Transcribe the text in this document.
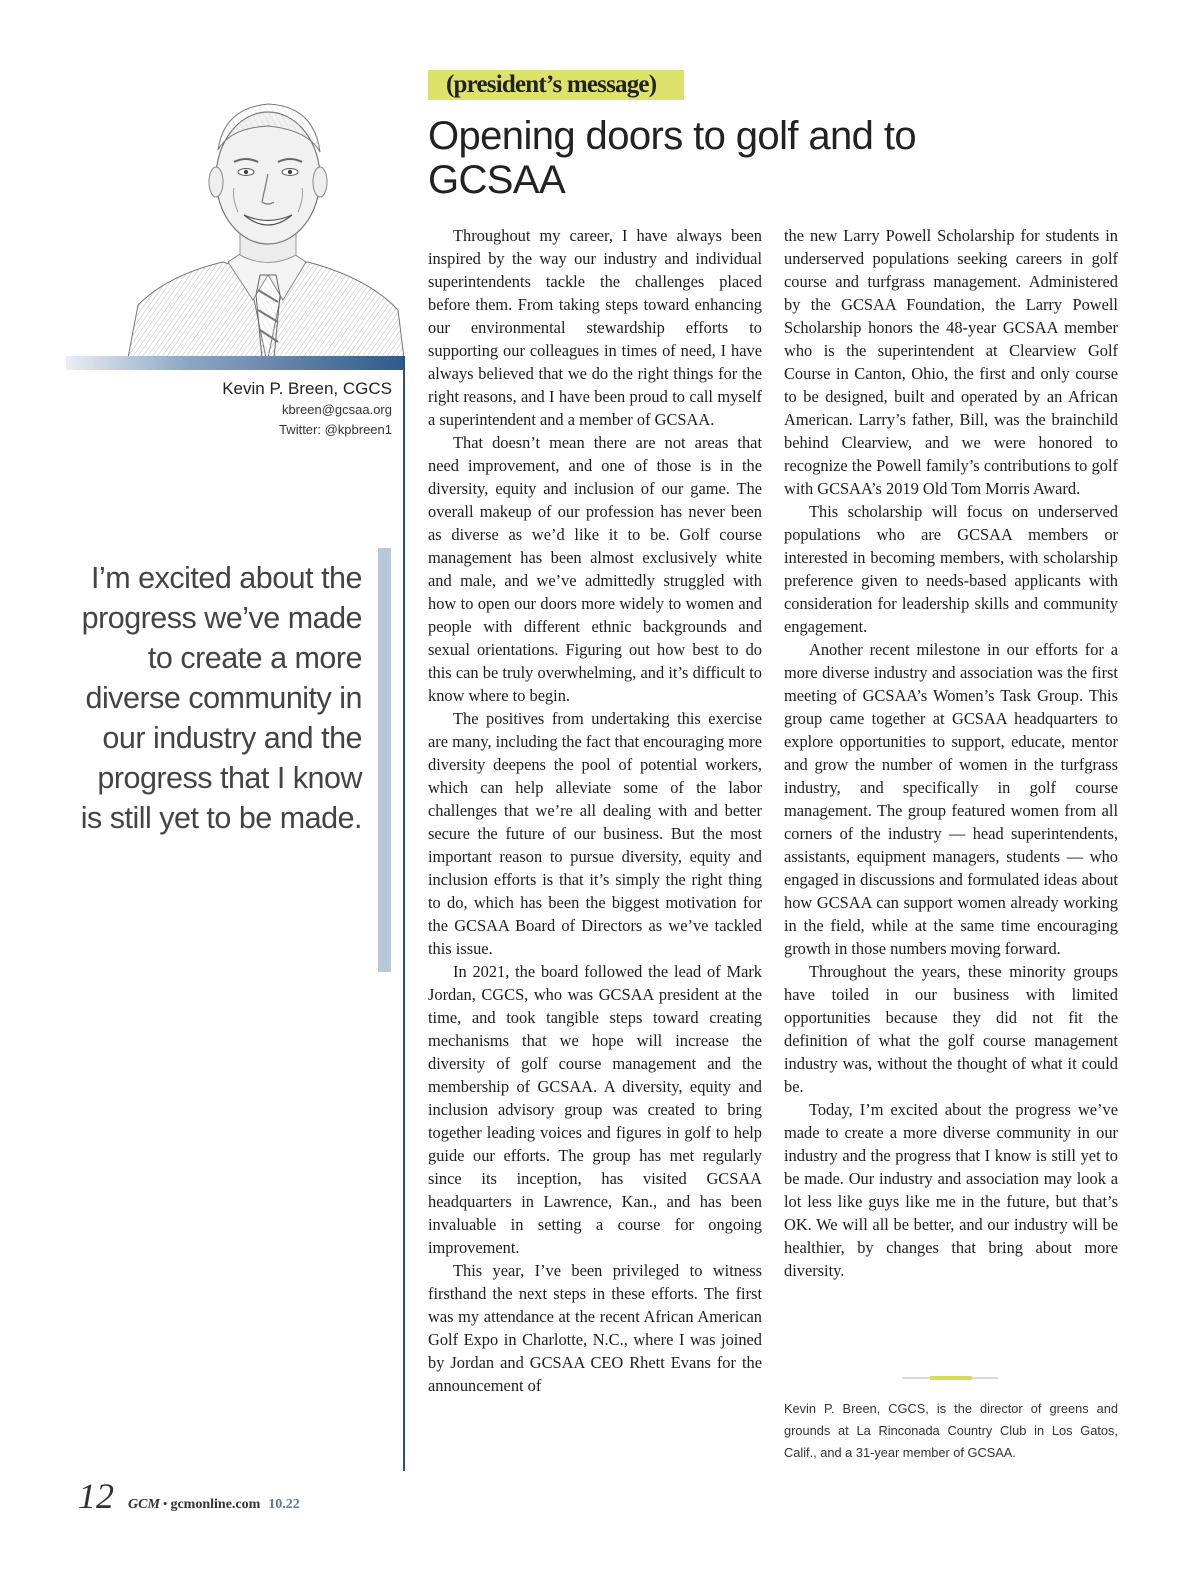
Kevin P. Breen, CGCS
kbreen@gcsaa.org
Twitter: @kpbreen1
I’m excited about the progress we’ve made to create a more diverse community in our industry and the progress that I know is still yet to be made.
(president’s message)
Opening doors to golf and to GCSAA

Throughout my career, I have always been inspired by the way our industry and individual superintendents tackle the challenges placed before them. From taking steps toward enhancing our environmental stewardship efforts to supporting our colleagues in times of need, I have always believed that we do the right things for the right reasons, and I have been proud to call myself a superintendent and a member of GCSAA.

That doesn’t mean there are not areas that need improvement, and one of those is in the diversity, equity and inclusion of our game. The overall makeup of our profession has never been as diverse as we’d like it to be. Golf course management has been almost exclusively white and male, and we’ve admittedly struggled with how to open our doors more widely to women and people with different ethnic backgrounds and sexual orientations. Figuring out how best to do this can be truly overwhelming, and it’s difficult to know where to begin.

The positives from undertaking this exercise are many, including the fact that encouraging more diversity deepens the pool of potential workers, which can help alleviate some of the labor challenges that we’re all dealing with and better secure the future of our business. But the most important reason to pursue diversity, equity and inclusion efforts is that it’s simply the right thing to do, which has been the biggest motivation for the GCSAA Board of Directors as we’ve tackled this issue.

In 2021, the board followed the lead of Mark Jordan, CGCS, who was GCSAA president at the time, and took tangible steps toward creating mechanisms that we hope will increase the diversity of golf course management and the membership of GCSAA. A diversity, equity and inclusion advisory group was created to bring together leading voices and figures in golf to help guide our efforts. The group has met regularly since its inception, has visited GCSAA headquarters in Lawrence, Kan., and has been invaluable in setting a course for ongoing improvement.

This year, I’ve been privileged to witness firsthand the next steps in these efforts. The first was my attendance at the recent African American Golf Expo in Charlotte, N.C., where I was joined by Jordan and GCSAA CEO Rhett Evans for the announcement of

the new Larry Powell Scholarship for students in underserved populations seeking careers in golf course and turfgrass management. Administered by the GCSAA Foundation, the Larry Powell Scholarship honors the 48-year GCSAA member who is the superintendent at Clearview Golf Course in Canton, Ohio, the first and only course to be designed, built and operated by an African American. Larry’s father, Bill, was the brainchild behind Clearview, and we were honored to recognize the Powell family’s contributions to golf with GCSAA’s 2019 Old Tom Morris Award.

This scholarship will focus on underserved populations who are GCSAA members or interested in becoming members, with scholarship preference given to needs-based applicants with consideration for leadership skills and community engagement.

Another recent milestone in our efforts for a more diverse industry and association was the first meeting of GCSAA’s Women’s Task Group. This group came together at GCSAA headquarters to explore opportunities to support, educate, mentor and grow the number of women in the turfgrass industry, and specifically in golf course management. The group featured women from all corners of the industry — head superintendents, assistants, equipment managers, students — who engaged in discussions and formulated ideas about how GCSAA can support women already working in the field, while at the same time encouraging growth in those numbers moving forward.

Throughout the years, these minority groups have toiled in our business with limited opportunities because they did not fit the definition of what the golf course management industry was, without the thought of what it could be.

Today, I’m excited about the progress we’ve made to create a more diverse community in our industry and the progress that I know is still yet to be made. Our industry and association may look a lot less like guys like me in the future, but that’s OK. We will all be better, and our industry will be healthier, by changes that bring about more diversity.

Kevin P. Breen, CGCS, is the director of greens and grounds at La Rinconada Country Club in Los Gatos, Calif., and a 31-year member of GCSAA.
12 GCM • gcmonline.com 10.22
